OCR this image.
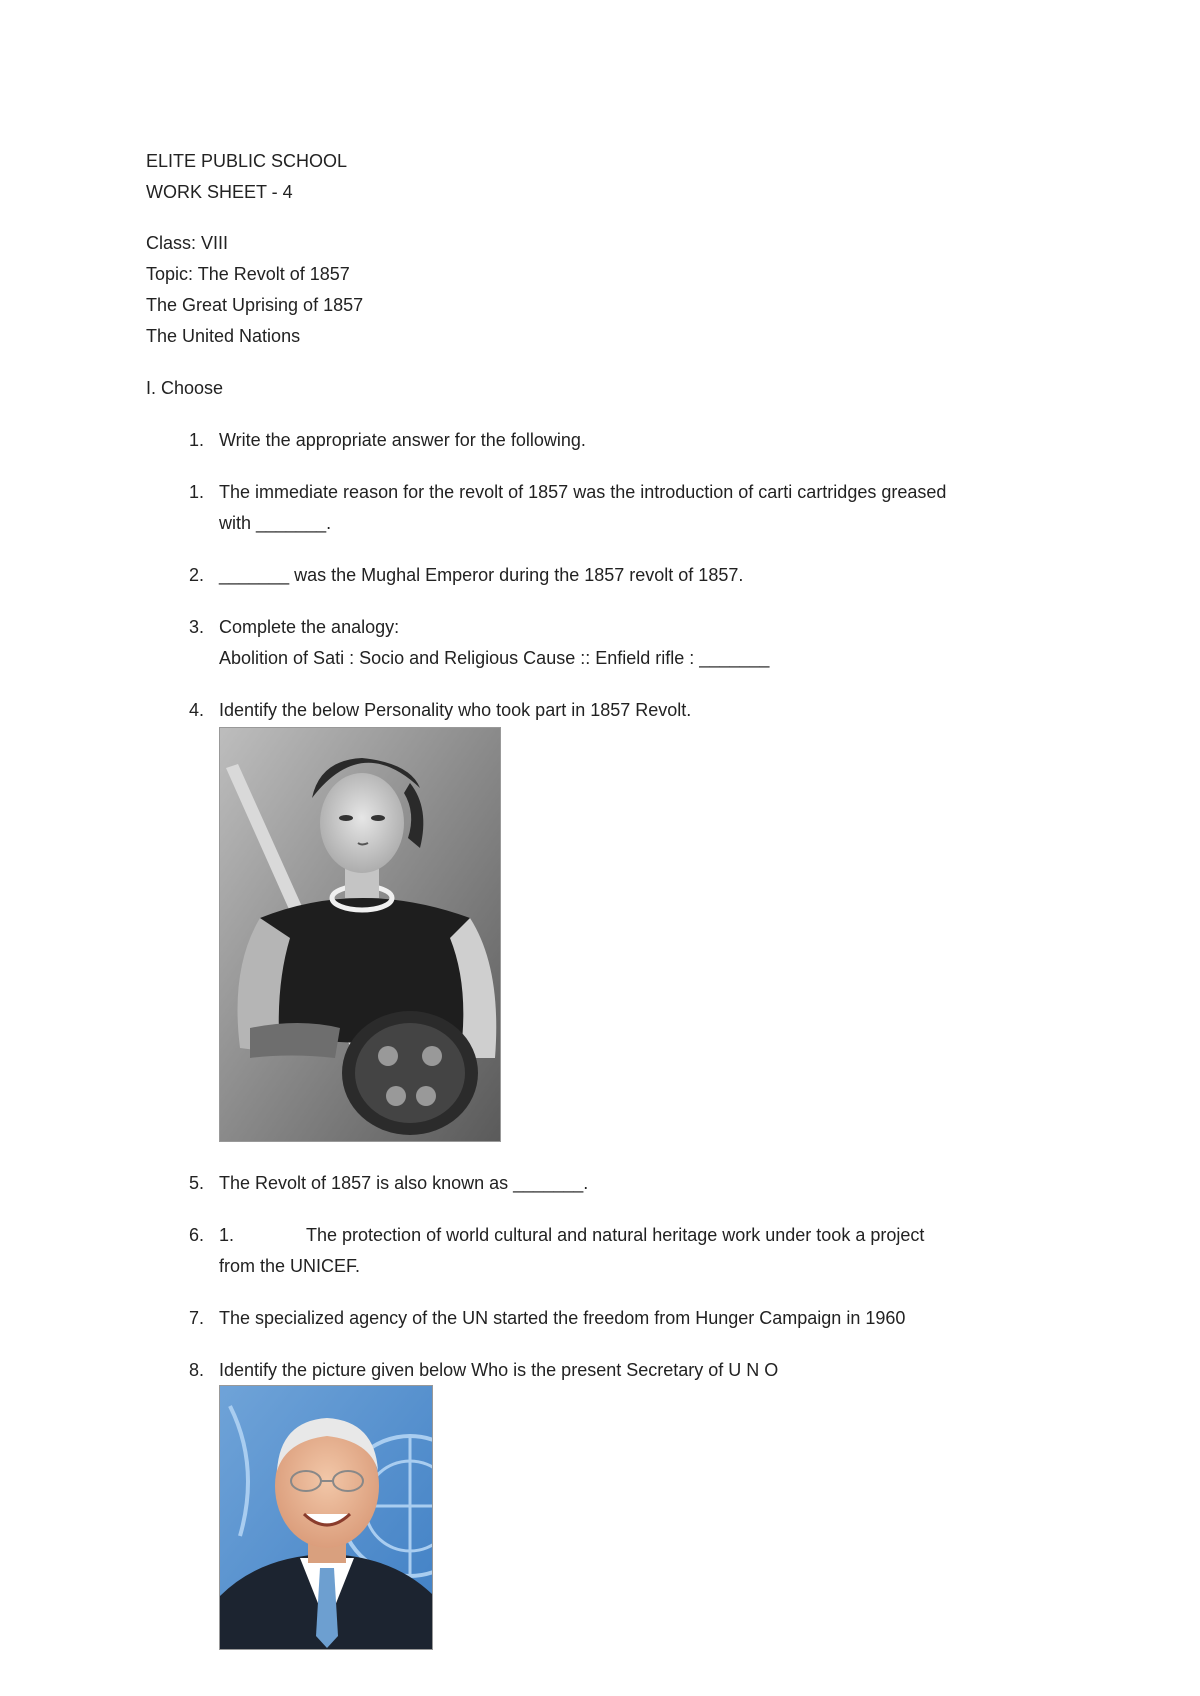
ELITE PUBLIC SCHOOL
WORK SHEET - 4
Class: VIII
Topic: The Revolt of 1857
The Great Uprising of 1857
The United Nations
I. Choose
1. Write the appropriate answer for the following.
1. The immediate reason for the revolt of 1857 was the introduction of carti cartridges greased
with _______.
2. _______ was the Mughal Emperor during the 1857 revolt of 1857.
3. Complete the analogy:
Abolition of Sati : Socio and Religious Cause :: Enfield rifle : _______
4. Identify the below Personality who took part in 1857 Revolt.
5. The Revolt of 1857 is also known as _______.
6. 1.	The protection of world cultural and natural heritage work under took a project
from the UNICEF.
7. The specialized agency of the UN started the freedom from Hunger Campaign in 1960
8. Identify the picture given below Who is the present Secretary of U N O
